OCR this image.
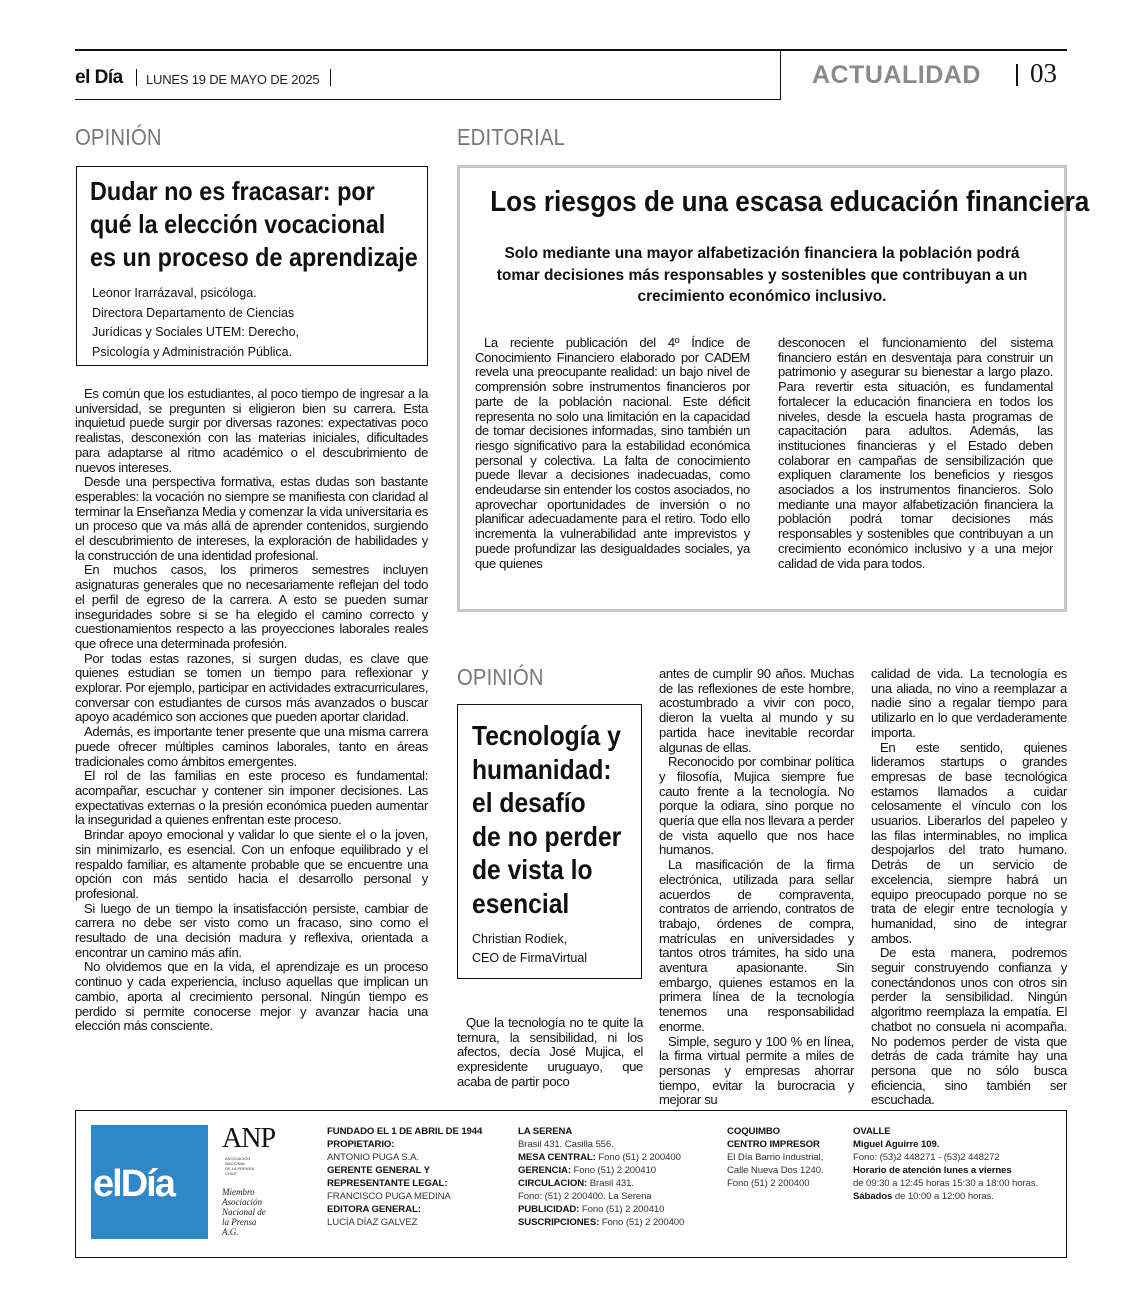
el Día LUNES 19 DE MAYO DE 2025	ACTUALIDAD 03
OPINIÓN
Dudar no es fracasar: por
qué la elección vocacional
es un proceso de aprendizaje
Leonor Irarrázaval, psicóloga.
Directora Departamento de Ciencias
Jurídicas y Sociales UTEM: Derecho,
Psicología y Administración Pública.

Es común que los estudiantes, al poco tiempo de ingresar a la universidad, se pregunten si eligieron bien su carrera. Esta inquietud puede surgir por diversas razones: expectativas poco realistas, desconexión con las materias iniciales, dificultades para adaptarse al ritmo académico o el descubrimiento de nuevos intereses.

Desde una perspectiva formativa, estas dudas son bastante esperables: la vocación no siempre se manifiesta con claridad al terminar la Enseñanza Media y comenzar la vida universitaria es un proceso que va más allá de aprender contenidos, surgiendo el descubrimiento de intereses, la exploración de habilidades y la construcción de una identidad profesional.

En muchos casos, los primeros semestres incluyen asignaturas generales que no necesariamente reflejan del todo el perfil de egreso de la carrera. A esto se pueden sumar inseguridades sobre si se ha elegido el camino correcto y cuestionamientos respecto a las proyecciones laborales reales que ofrece una determinada profesión.

Por todas estas razones, si surgen dudas, es clave que quienes estudian se tomen un tiempo para reflexionar y explorar. Por ejemplo, participar en actividades extracurriculares, conversar con estudiantes de cursos más avanzados o buscar apoyo académico son acciones que pueden aportar claridad.

Además, es importante tener presente que una misma carrera puede ofrecer múltiples caminos laborales, tanto en áreas tradicionales como ámbitos emergentes.

El rol de las familias en este proceso es fundamental: acompañar, escuchar y contener sin imponer decisiones. Las expectativas externas o la presión económica pueden aumentar la inseguridad a quienes enfrentan este proceso.

Brindar apoyo emocional y validar lo que siente el o la joven, sin minimizarlo, es esencial. Con un enfoque equilibrado y el respaldo familiar, es altamente probable que se encuentre una opción con más sentido hacia el desarrollo personal y profesional.

Si luego de un tiempo la insatisfacción persiste, cambiar de carrera no debe ser visto como un fracaso, sino como el resultado de una decisión madura y reflexiva, orientada a encontrar un camino más afín.

No olvidemos que en la vida, el aprendizaje es un proceso continuo y cada experiencia, incluso aquellas que implican un cambio, aporta al crecimiento personal. Ningún tiempo es perdido si permite conocerse mejor y avanzar hacia una elección más consciente.

EDITORIAL
Los riesgos de una escasa educación financiera
Solo mediante una mayor alfabetización financiera la población podrá
tomar decisiones más responsables y sostenibles que contribuyan a un
crecimiento económico inclusivo.

La reciente publicación del 4º Índice de Conocimiento Financiero elaborado por CADEM revela una preocupante realidad: un bajo nivel de comprensión sobre instrumentos financieros por parte de la población nacional. Este déficit representa no solo una limitación en la capacidad de tomar decisiones informadas, sino también un riesgo significativo para la estabilidad económica personal y colectiva. La falta de conocimiento puede llevar a decisiones inadecuadas, como endeudarse sin entender los costos asociados, no aprovechar oportunidades de inversión o no planificar adecuadamente para el retiro. Todo ello incrementa la vulnerabilidad ante imprevistos y puede profundizar las desigualdades sociales, ya que quienes

desconocen el funcionamiento del sistema financiero están en desventaja para construir un patrimonio y asegurar su bienestar a largo plazo. Para revertir esta situación, es fundamental fortalecer la educación financiera en todos los niveles, desde la escuela hasta programas de capacitación para adultos. Además, las instituciones financieras y el Estado deben colaborar en campañas de sensibilización que expliquen claramente los beneficios y riesgos asociados a los instrumentos financieros. Solo mediante una mayor alfabetización financiera la población podrá tomar decisiones más responsables y sostenibles que contribuyan a un crecimiento económico inclusivo y a una mejor calidad de vida para todos.

OPINIÓN
Tecnología y
humanidad:
el desafío
de no perder
de vista lo
esencial
Christian Rodiek,
CEO de FirmaVirtual

Que la tecnología no te quite la ternura, la sensibilidad, ni los afectos, decía José Mujica, el expresidente uruguayo, que acaba de partir poco

antes de cumplir 90 años. Muchas de las reflexiones de este hombre, acostumbrado a vivir con poco, dieron la vuelta al mundo y su partida hace inevitable recordar algunas de ellas.

Reconocido por combinar política y filosofía, Mujica siempre fue cauto frente a la tecnología. No porque la odiara, sino porque no quería que ella nos llevara a perder de vista aquello que nos hace humanos.

La masificación de la firma electrónica, utilizada para sellar acuerdos de compraventa, contratos de arriendo, contratos de trabajo, órdenes de compra, matrículas en universidades y tantos otros trámites, ha sido una aventura apasionante. Sin embargo, quienes estamos en la primera línea de la tecnología tenemos una responsabilidad enorme.

Simple, seguro y 100 % en línea, la firma virtual permite a miles de personas y empresas ahorrar tiempo, evitar la burocracia y mejorar su

calidad de vida. La tecnología es una aliada, no vino a reemplazar a nadie sino a regalar tiempo para utilizarlo en lo que verdaderamente importa.

En este sentido, quienes lideramos startups o grandes empresas de base tecnológica estamos llamados a cuidar celosamente el vínculo con los usuarios. Liberarlos del papeleo y las filas interminables, no implica despojarlos del trato humano. Detrás de un servicio de excelencia, siempre habrá un equipo preocupado porque no se trata de elegir entre tecnología y humanidad, sino de integrar ambos.

De esta manera, podremos seguir construyendo confianza y conectándonos unos con otros sin perder la sensibilidad. Ningún algoritmo reemplaza la empatía. El chatbot no consuela ni acompaña. No podemos perder de vista que detrás de cada trámite hay una persona que no sólo busca eficiencia, sino también ser escuchada.

elDía
ANP
ASOCIACIÓN
NACIONAL
DE LA PRENSA
CHILE
Miembro
Asociación
Nacional de
la Prensa
A.G.
FUNDADO EL 1 DE ABRIL DE 1944
PROPIETARIO:
ANTONIO PUGA S.A.
GERENTE GENERAL Y
REPRESENTANTE LEGAL:
FRANCISCO PUGA MEDINA
EDITORA GENERAL:
LUCÍA DÍAZ GALVEZ
LA SERENA
Brasil 431. Casilla 556.
MESA CENTRAL: Fono (51) 2 200400
GERENCIA: Fono (51) 2 200410
CIRCULACION: Brasil 431.
Fono: (51) 2 200400. La Serena
PUBLICIDAD: Fono (51) 2 200410
SUSCRIPCIONES: Fono (51) 2 200400
COQUIMBO
CENTRO IMPRESOR
El Día Barrio Industrial,
Calle Nueva Dos 1240.
Fono (51) 2 200400
OVALLE
Miguel Aguirre 109.
Fono: (53)2 448271 - (53)2 448272
Horario de atención lunes a viernes
de 09:30 a 12:45 horas 15:30 a 18:00 horas.
Sábados de 10:00 a 12:00 horas.
